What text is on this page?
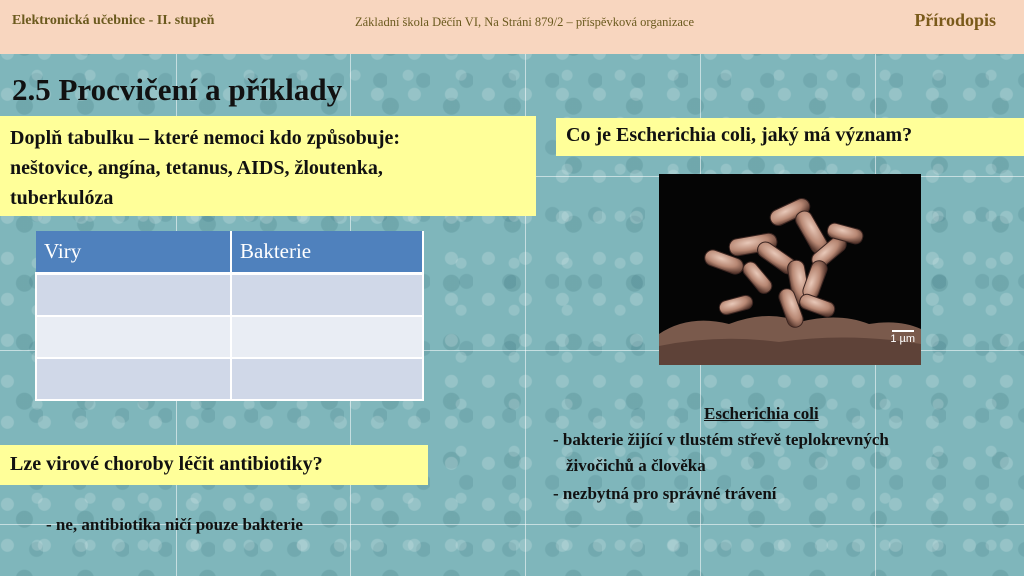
Elektronická učebnice - II. stupeň	Základní škola Děčín VI, Na Stráni 879/2 – příspěvková organizace	Přírodopis
2.5 Procvičení a příklady
Doplň tabulku – které nemoci kdo způsobuje:
neštovice, angína, tetanus, AIDS, žloutenka,
tuberkulóza
Viry	Bakterie

Co je Escherichia coli, jaký má význam?
1 µm
Escherichia coli
- bakterie žijící v tlustém střevě teplokrevných
živočichů a člověka
- nezbytná pro správné trávení
Lze virové choroby léčit antibiotiky?
- ne, antibiotika ničí pouze bakterie
